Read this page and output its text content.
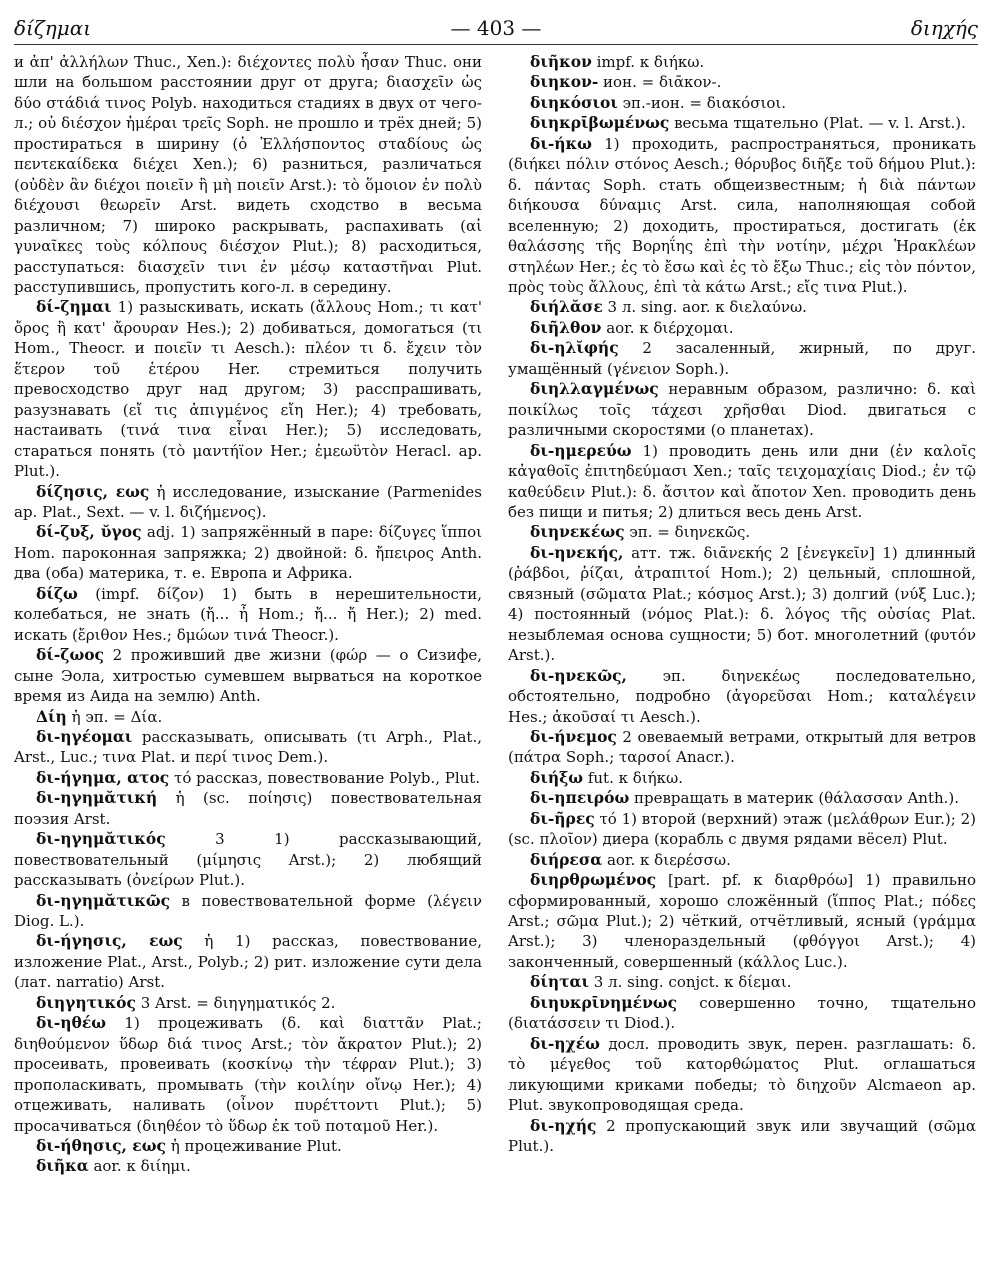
δίζημαι	— 403 —	διηχής

и ἀπ' ἀλλήλων Thuc., Xen.): διέχοντες πολὺ ἦσαν Thuc. они шли на большом расстоянии друг от друга; διασχεῖν ὡς δύο στάδιά τινος Polyb. находиться стадиях в двух от чего-л.; οὐ διέσχον ἡμέραι τρεῖς Soph. не прошло и трёх дней; 5) простираться в ширину (ὁ Ἑλλήσποντος σταδίους ὡς πεντεκαίδεκα διέχει Xen.); 6) разниться, различаться (οὐδὲν ἂν διέχοι ποιεῖν ἢ μὴ ποιεῖν Arst.): τὸ ὅμοιον ἐν πολὺ διέχουσι θεωρεῖν Arst. видеть сходство в весьма различном; 7) широко раскрывать, распахивать (αἱ γυναῖκες τοὺς κόλπους διέσχον Plut.); 8) расходиться, расступаться: διασχεῖν τινι ἐν μέσῳ καταστῆναι Plut. расступившись, пропустить кого-л. в середину.

δί-ζημαι 1) разыскивать, искать (ἄλλους Hom.; τι κατ' ὄρος ἢ κατ' ἄρουραν Hes.); 2) добиваться, домогаться (τι Hom., Theocr. и ποιεῖν τι Aesch.): πλέον τι δ. ἔχειν τὸν ἕτερον τοῦ ἑτέρου Her. стремиться получить превосходство друг над другом; 3) расспрашивать, разузнавать (εἴ τις ἀπιγμένος εἴη Her.); 4) требовать, настаивать (τινά τινα εἶναι Her.); 5) исследовать, стараться понять (τὸ μαντήϊον Her.; ἐμεωϋτὸν Heracl. ap. Plut.).

δίζησις, εως ἡ исследование, изыскание (Parmenides ap. Plat., Sext. — v. l. διζήμενος).

δί-ζυξ, ῠγος adj. 1) запряжённый в паре: δίζυγες ἵπποι Hom. пароконная запряжка; 2) двойной: δ. ἤπειρος Anth. два (оба) материка, т. е. Европа и Африка.

δίζω (impf. δίζον) 1) быть в нерешительности, колебаться, не знать (ἤ... ἦ Hom.; ἤ... ἤ Her.); 2) med. искать (ἔριθον Hes.; δμώων τινά Theocr.).

δί-ζωος 2 проживший две жизни (φώρ — о Сизифе, сыне Эола, хитростью сумевшем вырваться на короткое время из Аида на землю) Anth.

Δίη ἡ эп. = Δία.

δι-ηγέομαι рассказывать, описывать (τι Arph., Plat., Arst., Luc.; τινα Plat. и περί τινος Dem.).

δι-ήγημα, ατος τό рассказ, повествование Polyb., Plut.

δι-ηγημᾰτική ἡ (sc. ποίησις) повествовательная поэзия Arst.

δι-ηγημᾰτικός	3 1) рассказывающий, повествовательный (μίμησις Arst.); 2) любящий рассказывать (ὀνείρων Plut.).

δι-ηγημᾰτικῶς в повествовательной форме (λέγειν Diog. L.).

δι-ήγησις, εως ἡ 1) рассказ, повествование, изложение Plat., Arst., Polyb.; 2) рит. изложение сути дела (лат. narratio) Arst.

διηγητικός 3 Arst. = διηγηματικός 2.

δι-ηθέω 1) процеживать (δ. καὶ διαττᾶν Plat.; διηθούμενον ὕδωρ διά τινος Arst.; τὸν ἄκρατον Plut.); 2) просеивать, провеивать (κοσκίνῳ τὴν τέφραν Plut.); 3) прополаскивать, промывать (τὴν κοιλίην οἴνῳ Her.); 4) отцеживать, наливать (οἶνον πυρέττοντι Plut.); 5) просачиваться (διηθέον τὸ ὕδωρ ἐκ τοῦ ποταμοῦ Her.).

δι-ήθησις, εως ἡ процеживание Plut.

διῆκα aor. к διίημι.

διῆκον impf. к διήκω.

διηκον- ион. = διᾱκον-.

διηκόσιοι эп.-ион. = διακόσιοι.

διηκρῑβωμένως весьма тщательно (Plat. — v. l. Arst.).

δι-ήκω 1) проходить, распространяться, проникать (διήκει πόλιν στόνος Aesch.; θόρυβος διῆξε τοῦ δήμου Plut.): δ. πάντας Soph. стать общеизвестным; ἡ διὰ πάντων διήκουσα δύναμις Arst. сила, наполняющая собой вселенную; 2) доходить, простираться, достигать (ἐκ θαλάσσης τῆς Βορηΐης ἐπὶ τὴν νοτίην, μέχρι Ἡρακλέων στηλέων Her.; ἐς τὸ ἔσω καὶ ἐς τὸ ἔξω Thuc.; εἰς τὸν πόντον, πρὸς τοὺς ἄλλους, ἐπὶ τὰ κάτω Arst.; εἴς τινα Plut.).

διήλᾰσε 3 л. sing. aor. к διελαύνω.

διῆλθον aor. к διέρχομαι.

δι-ηλῐφής 2 засаленный, жирный, по друг. умащённый (γένειον Soph.).

διηλλαγμένως неравным образом, различно: δ. καὶ ποικίλως τοῖς τάχεσι χρῆσθαι Diod. двигаться с различными скоростями (о планетах).

δι-ημερεύω 1) проводить день или дни (ἐν καλοῖς κἀγαθοῖς ἐπιτηδεύμασι Xen.; ταῖς τειχομαχίαις Diod.; ἐν τῷ καθεύδειν Plut.): δ. ἄσιτον καὶ ἄποτον Xen. проводить день без пищи и питья; 2) длиться весь день Arst.

διηνεκέως эп. = διηνεκῶς.

δι-ηνεκής, атт. тж. διᾱνεκής 2 [ἐνεγκεῖν] 1) длинный (ῥάβδοι, ῥίζαι, ἀτραπιτοί Hom.); 2) цельный, сплошной, связный (σῶματα Plat.; κόσμος Arst.); 3) долгий (νύξ Luc.); 4) постоянный (νόμος Plat.): δ. λόγος τῆς οὐσίας Plat. незыблемая основа сущности; 5) бот. многолетний (φυτόν Arst.).

δι-ηνεκῶς, эп. διηνεκέως последовательно, обстоятельно, подробно (ἀγορεῦσαι Hom.; καταλέγειν Hes.; ἀκοῦσαί τι Aesch.).

δι-ήνεμος 2 овеваемый ветрами, открытый для ветров (πάτρα Soph.; ταρσοί Anacr.).

διήξω fut. к διήκω.

δι-ηπειρόω превращать в материк (θάλασσαν Anth.).

δι-ῆρες τό 1) второй (верхний) этаж (μελάθρων Eur.); 2) (sc. πλοῖον) диера (корабль с двумя рядами вёсел) Plut.

διήρεσα aor. к διερέσσω.

διηρθρωμένος [part. pf. к διαρθρόω] 1) правильно сформированный, хорошо сложённый (ἵππος Plat.; πόδες Arst.; σῶμα Plut.); 2) чёткий, отчётливый, ясный (γράμμα Arst.); 3) членораздельный (φθόγγοι Arst.); 4) законченный, совершенный (κάλλος Luc.).

δίηται 3 л. sing. conjct. к δίεμαι.

διηυκρῑνημένως совершенно точно, тщательно (διατάσσειν τι Diod.).

δι-ηχέω досл. проводить звук, перен. разглашать: δ. τὸ μέγεθος τοῦ κατορθώματος Plut. оглашаться ликующими криками победы; τὸ διηχοῦν Alcmaeon ap. Plut. звукопроводящая среда.

δι-ηχής 2 пропускающий звук или звучащий (σῶμα Plut.).
